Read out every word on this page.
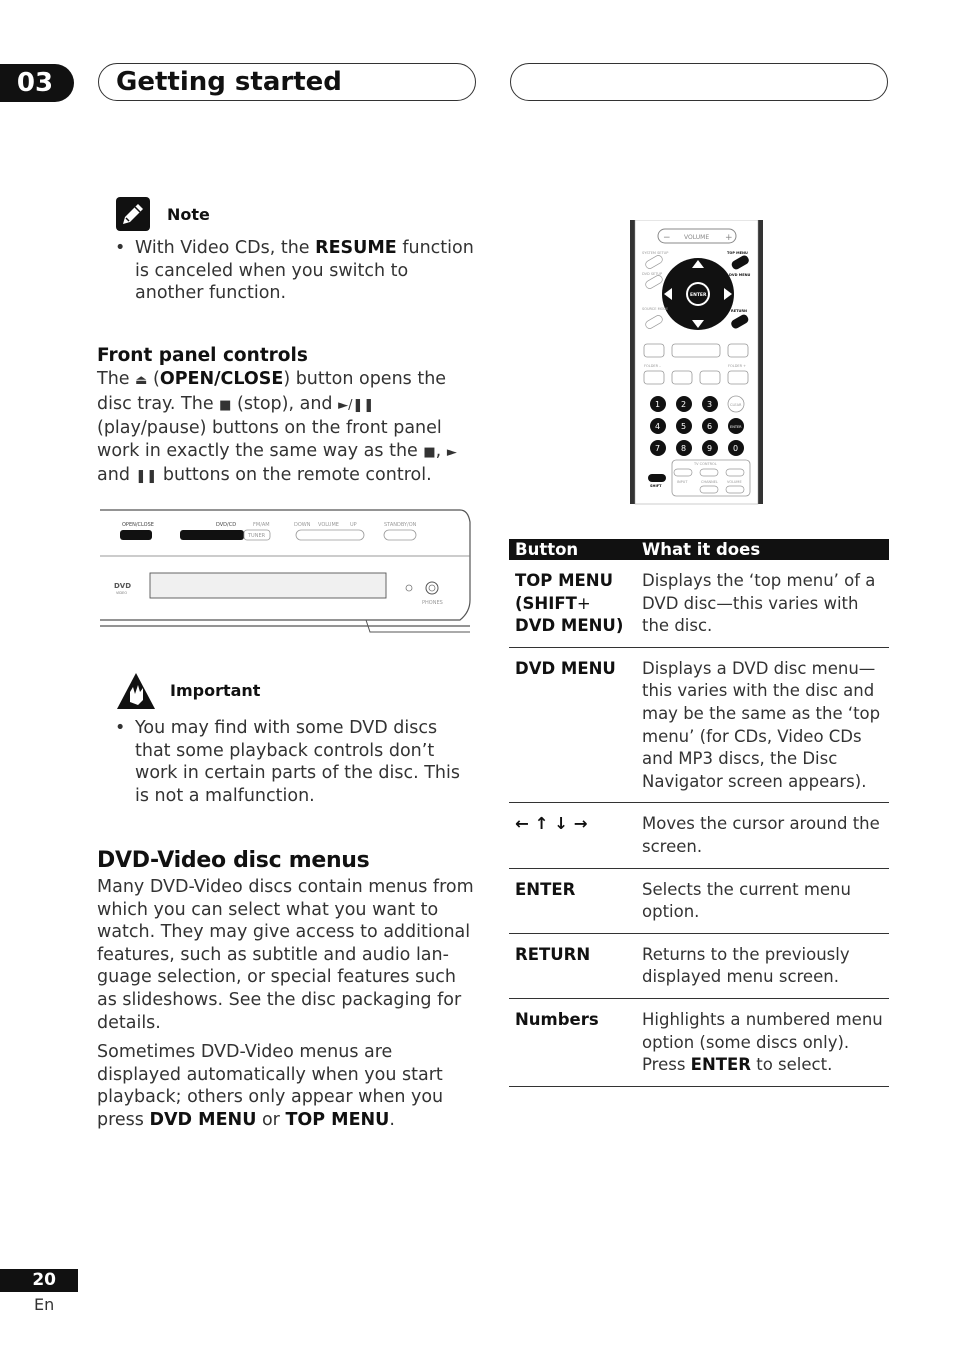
03	Getting started
Note
• With Video CDs, the RESUME function is canceled when you switch to another function.
Front panel controls
The ⏏ (OPEN/CLOSE) button opens the disc tray. The ■ (stop), and ►/❚❚ (play/pause) buttons on the front panel work in exactly the same way as the ■, ► and ❚❚ buttons on the remote control.
OPEN/CLOSE	DVD/CD	FM/AM
TUNER
DOWN VOLUME UP	STANDBY/ON
DVD
VIDEO
PHONES
Important
• You may find with some DVD discs that some playback controls don’t work in certain parts of the disc. This is not a malfunction.
DVD-Video disc menus
Many DVD-Video discs contain menus from which you can select what you want to watch. They may give access to additional features, such as subtitle and audio lan-guage selection, or special features such as slideshows. See the disc packaging for details.
Sometimes DVD-Video menus are displayed automatically when you start playback; others only appear when you press DVD MENU or TOP MENU.
−	+
VOLUME
SYSTEM SETUP
DVD SETUP
TOP MENU
DVD MENU
ENTER
SOURCE MODE	RETURN
FOLDER –	FOLDER +
1	2	3	CLEAR
4	5	6	ENTER
7	8	9	0
TV CONTROL
INPUT	CHANNEL	VOLUME
SHIFT
Button	What it does
TOP MENU
(SHIFT+
DVD MENU)	Displays the ‘top menu’ of a DVD disc—this varies with the disc.
DVD MENU	Displays a DVD disc menu—this varies with the disc and may be the same as the ‘top menu’ (for CDs, Video CDs and MP3 discs, the Disc Navigator screen appears).
← ↑ ↓ →	Moves the cursor around the screen.
ENTER	Selects the current menu option.
RETURN	Returns to the previously displayed menu screen.
Numbers	Highlights a numbered menu option (some discs only). Press ENTER to select.
20
En
